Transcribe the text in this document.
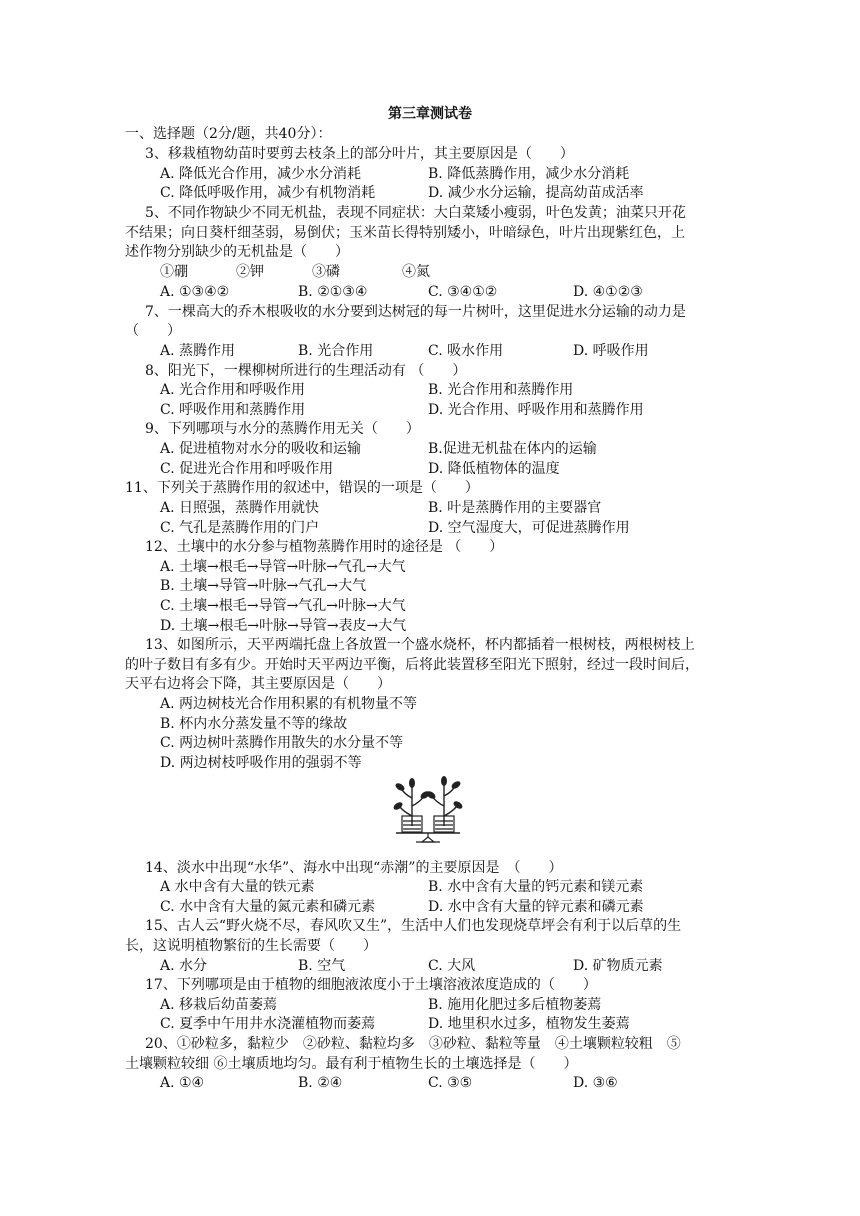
第三章测试卷
一、选择题（2分/题，共40分）：
3、移栽植物幼苗时要剪去枝条上的部分叶片，其主要原因是（　　）
A. 降低光合作用，减少水分消耗	B. 降低蒸腾作用，减少水分消耗
C. 降低呼吸作用，减少有机物消耗	D. 减少水分运输，提高幼苗成活率
5、不同作物缺少不同无机盐，表现不同症状：大白菜矮小瘦弱，叶色发黄；油菜只开花
不结果；向日葵杆细茎弱，易倒伏；玉米苗长得特别矮小，叶暗绿色，叶片出现紫红色，上
述作物分别缺少的无机盐是（　　）
①硼	②钾	③磷	④氮
A. ①③④②	B. ②①③④	C. ③④①②	D. ④①②③
7、一棵高大的乔木根吸收的水分要到达树冠的每一片树叶，这里促进水分运输的动力是
（　　）
A. 蒸腾作用	B. 光合作用	C. 吸水作用	D. 呼吸作用
8、阳光下，一棵柳树所进行的生理活动有 （　　）
A. 光合作用和呼吸作用	B. 光合作用和蒸腾作用
C. 呼吸作用和蒸腾作用	D. 光合作用、呼吸作用和蒸腾作用
9、下列哪项与水分的蒸腾作用无关（　　）
A. 促进植物对水分的吸收和运输	B.促进无机盐在体内的运输
C. 促进光合作用和呼吸作用	D. 降低植物体的温度
11、下列关于蒸腾作用的叙述中，错误的一项是（　　）
A. 日照强，蒸腾作用就快	B. 叶是蒸腾作用的主要器官
C. 气孔是蒸腾作用的门户	D. 空气湿度大，可促进蒸腾作用
12、土壤中的水分参与植物蒸腾作用时的途径是 （　　）
A. 土壤→根毛→导管→叶脉→气孔→大气
B. 土壤→导管→叶脉→气孔→大气
C. 土壤→根毛→导管→气孔→叶脉→大气
D. 土壤→根毛→叶脉→导管→表皮→大气
13、如图所示，天平两端托盘上各放置一个盛水烧杯，杯内都插着一根树枝，两根树枝上
的叶子数目有多有少。开始时天平两边平衡，后将此装置移至阳光下照射，经过一段时间后，
天平右边将会下降，其主要原因是（　　）
A. 两边树枝光合作用积累的有机物量不等
B. 杯内水分蒸发量不等的缘故
C. 两边树叶蒸腾作用散失的水分量不等
D. 两边树枝呼吸作用的强弱不等
14、淡水中出现“水华”、海水中出现“赤潮”的主要原因是　（　　）
A 水中含有大量的铁元素	B. 水中含有大量的钙元素和镁元素
C. 水中含有大量的氮元素和磷元素	D. 水中含有大量的锌元素和磷元素
15、古人云“野火烧不尽，春风吹又生”，生活中人们也发现烧草坪会有利于以后草的生
长，这说明植物繁衍的生长需要（　　）
A. 水分	B. 空气	C. 大风	D. 矿物质元素
17、下列哪项是由于植物的细胞液浓度小于土壤溶液浓度造成的（　　）
A. 移栽后幼苗萎蔫	B. 施用化肥过多后植物萎蔫
C. 夏季中午用井水浇灌植物而萎蔫	D. 地里积水过多，植物发生萎蔫
20、①砂粒多，黏粒少　②砂粒、黏粒均多　③砂粒、黏粒等量　④土壤颗粒较粗　⑤
土壤颗粒较细 ⑥土壤质地均匀。最有利于植物生长的土壤选择是（　　）
A. ①④	B. ②④	C. ③⑤	D. ③⑥
